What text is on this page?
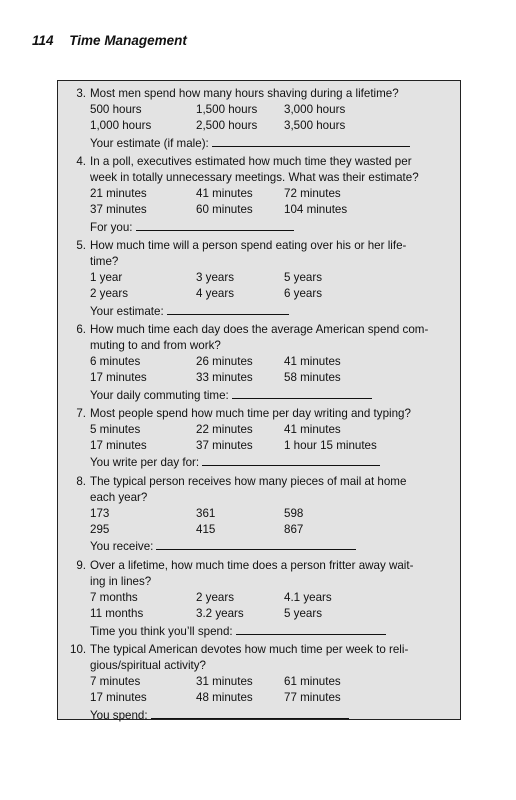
114 Time Management
3. Most men spend how many hours shaving during a lifetime?
500 hours	1,500 hours	3,000 hours
1,000 hours	2,500 hours	3,500 hours
Your estimate (if male):
4. In a poll, executives estimated how much time they wasted per
week in totally unnecessary meetings. What was their estimate?
21 minutes	41 minutes	72 minutes
37 minutes	60 minutes	104 minutes
For you:
5. How much time will a person spend eating over his or her life-
time?
1 year	3 years	5 years
2 years	4 years	6 years
Your estimate:
6. How much time each day does the average American spend com-
muting to and from work?
6 minutes	26 minutes	41 minutes
17 minutes	33 minutes	58 minutes
Your daily commuting time:
7. Most people spend how much time per day writing and typing?
5 minutes	22 minutes	41 minutes
17 minutes	37 minutes	1 hour 15 minutes
You write per day for:
8. The typical person receives how many pieces of mail at home
each year?
173	361	598
295	415	867
You receive:
9. Over a lifetime, how much time does a person fritter away wait-
ing in lines?
7 months	2 years	4.1 years
11 months	3.2 years	5 years
Time you think you’ll spend:
10. The typical American devotes how much time per week to reli-
gious/spiritual activity?
7 minutes	31 minutes	61 minutes
17 minutes	48 minutes	77 minutes
You spend:
